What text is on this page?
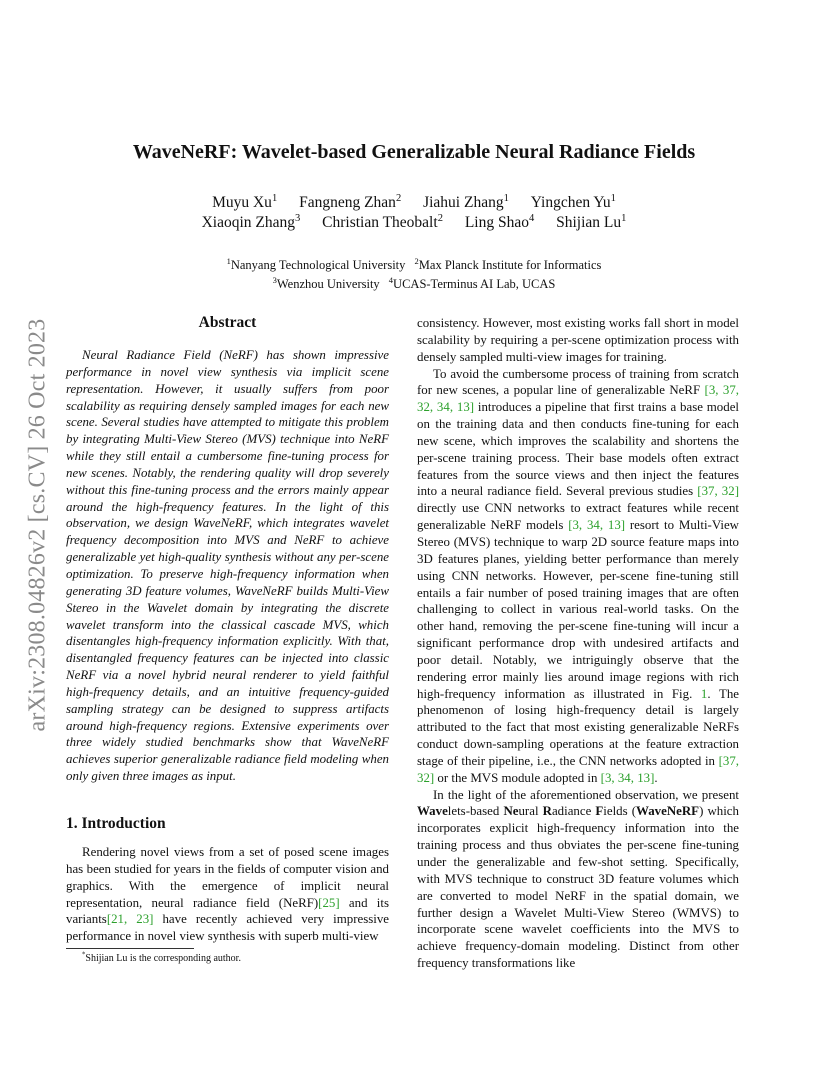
arXiv:2308.04826v2 [cs.CV] 26 Oct 2023
WaveNeRF: Wavelet-based Generalizable Neural Radiance Fields
Muyu Xu$^1$ Fangneng Zhan$^2$ Jiahui Zhang$^1$ Yingchen Yu$^1$
Xiaoqin Zhang$^3$ Christian Theobalt$^2$ Ling Shao$^4$ Shijian Lu$^1$
$^1$Nanyang Technological University $^2$Max Planck Institute for Informatics
$^3$Wenzhou University $^4$UCAS-Terminus AI Lab, UCAS
Abstract
Neural Radiance Field (NeRF) has shown impressive performance in novel view synthesis via implicit scene representation. However, it usually suffers from poor scalability as requiring densely sampled images for each new scene. Several studies have attempted to mitigate this problem by integrating Multi-View Stereo (MVS) technique into NeRF while they still entail a cumbersome fine-tuning process for new scenes. Notably, the rendering quality will drop severely without this fine-tuning process and the errors mainly appear around the high-frequency features. In the light of this observation, we design WaveNeRF, which integrates wavelet frequency decomposition into MVS and NeRF to achieve generalizable yet high-quality synthesis without any per-scene optimization. To preserve high-frequency information when generating 3D feature volumes, WaveNeRF builds Multi-View Stereo in the Wavelet domain by integrating the discrete wavelet transform into the classical cascade MVS, which disentangles high-frequency information explicitly. With that, disentangled frequency features can be injected into classic NeRF via a novel hybrid neural renderer to yield faithful high-frequency details, and an intuitive frequency-guided sampling strategy can be designed to suppress artifacts around high-frequency regions. Extensive experiments over three widely studied benchmarks show that WaveNeRF achieves superior generalizable radiance field modeling when only given three images as input.
1. Introduction
Rendering novel views from a set of posed scene images has been studied for years in the fields of computer vision and graphics. With the emergence of implicit neural representation, neural radiance field (NeRF)[25] and its variants[21, 23] have recently achieved very impressive performance in novel view synthesis with superb multi-view

consistency. However, most existing works fall short in model scalability by requiring a per-scene optimization process with densely sampled multi-view images for training.

To avoid the cumbersome process of training from scratch for new scenes, a popular line of generalizable NeRF [3, 37, 32, 34, 13] introduces a pipeline that first trains a base model on the training data and then conducts fine-tuning for each new scene, which improves the scalability and shortens the per-scene training process. Their base models often extract features from the source views and then inject the features into a neural radiance field. Several previous studies [37, 32] directly use CNN networks to extract features while recent generalizable NeRF models [3, 34, 13] resort to Multi-View Stereo (MVS) technique to warp 2D source feature maps into 3D features planes, yielding better performance than merely using CNN networks. However, per-scene fine-tuning still entails a fair number of posed training images that are often challenging to collect in various real-world tasks. On the other hand, removing the per-scene fine-tuning will incur a significant performance drop with undesired artifacts and poor detail. Notably, we intriguingly observe that the rendering error mainly lies around image regions with rich high-frequency information as illustrated in Fig. 1. The phenomenon of losing high-frequency detail is largely attributed to the fact that most existing generalizable NeRFs conduct down-sampling operations at the feature extraction stage of their pipeline, i.e., the CNN networks adopted in [37, 32] or the MVS module adopted in [3, 34, 13].

In the light of the aforementioned observation, we present Wavelets-based Neural Radiance Fields (WaveNeRF) which incorporates explicit high-frequency information into the training process and thus obviates the per-scene fine-tuning under the generalizable and few-shot setting. Specifically, with MVS technique to construct 3D feature volumes which are converted to model NeRF in the spatial domain, we further design a Wavelet Multi-View Stereo (WMVS) to incorporate scene wavelet coefficients into the MVS to achieve frequency-domain modeling. Distinct from other frequency transformations like

*Shijian Lu is the corresponding author.
